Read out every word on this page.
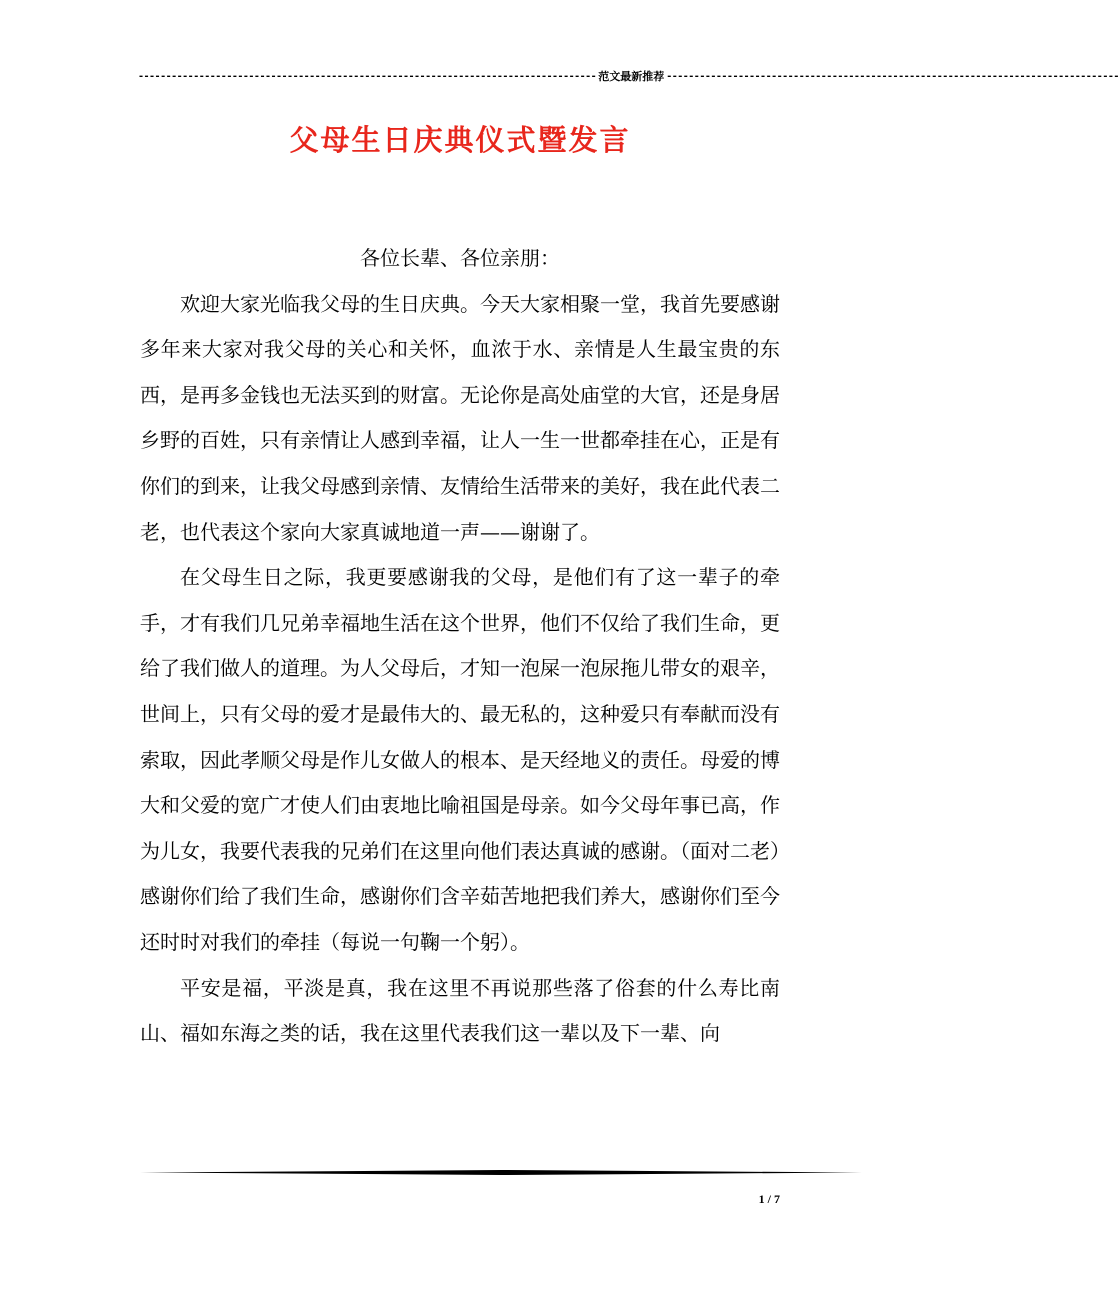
----------------------------------------------------------------------------------- 范文最新推荐 ----------------------------------------------------------------------------------
父母生日庆典仪式暨发言

各位长辈、各位亲朋：

欢迎大家光临我父母的生日庆典。今天大家相聚一堂，我首先要感谢多年来大家对我父母的关心和关怀，血浓于水、亲情是人生最宝贵的东西，是再多金钱也无法买到的财富。无论你是高处庙堂的大官，还是身居乡野的百姓，只有亲情让人感到幸福，让人一生一世都牵挂在心，正是有你们的到来，让我父母感到亲情、友情给生活带来的美好，我在此代表二老，也代表这个家向大家真诚地道一声——谢谢了。

在父母生日之际，我更要感谢我的父母，是他们有了这一辈子的牵手，才有我们几兄弟幸福地生活在这个世界，他们不仅给了我们生命，更给了我们做人的道理。为人父母后，才知一泡屎一泡尿拖儿带女的艰辛，世间上，只有父母的爱才是最伟大的、最无私的，这种爱只有奉献而没有索取，因此孝顺父母是作儿女做人的根本、是天经地义的责任。母爱的博大和父爱的宽广才使人们由衷地比喻祖国是母亲。如今父母年事已高，作为儿女，我要代表我的兄弟们在这里向他们表达真诚的感谢。（面对二老）感谢你们给了我们生命，感谢你们含辛茹苦地把我们养大，感谢你们至今还时时对我们的牵挂（每说一句鞠一个躬）。

平安是福，平淡是真，我在这里不再说那些落了俗套的什么寿比南山、福如东海之类的话，我在这里代表我们这一辈以及下一辈、向

1 / 7
